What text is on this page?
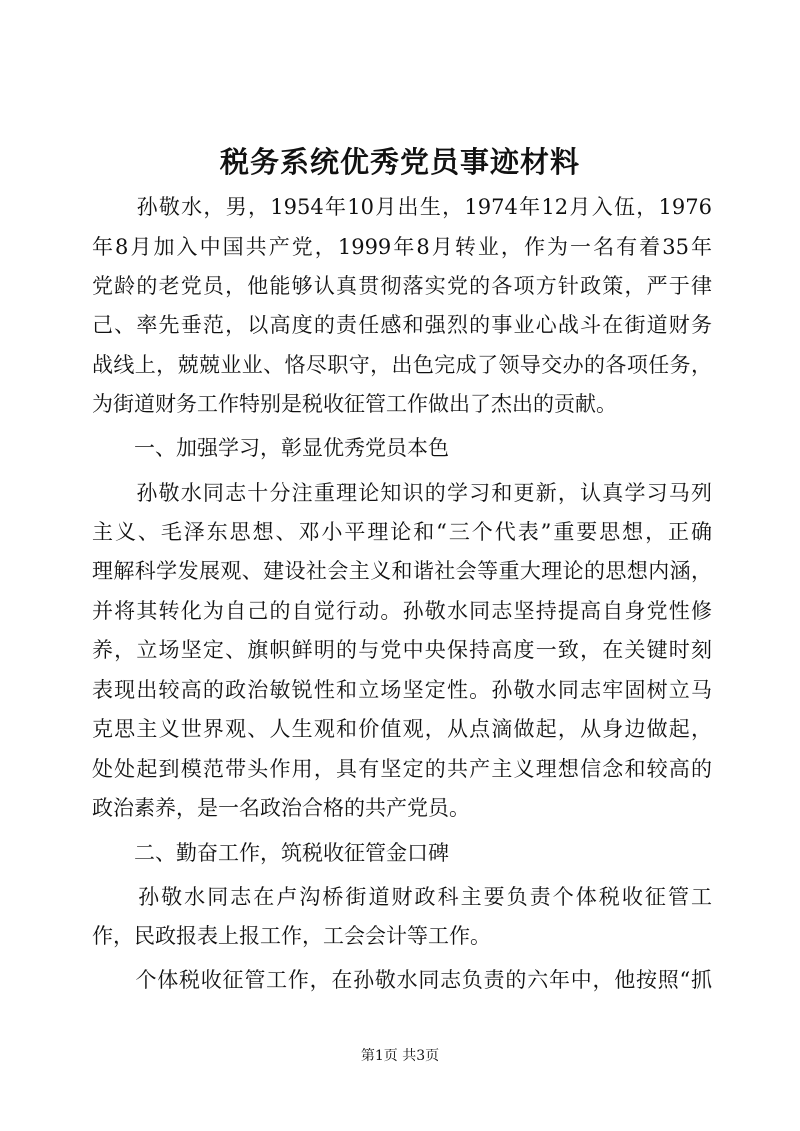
税务系统优秀党员事迹材料
　　孙敬水，男，1954年10月出生，1974年12月入伍，1976
年8月加入中国共产党，1999年8月转业，作为一名有着35年
党龄的老党员，他能够认真贯彻落实党的各项方针政策，严于律
己、率先垂范，以高度的责任感和强烈的事业心战斗在街道财务
战线上，兢兢业业、恪尽职守，出色完成了领导交办的各项任务，
为街道财务工作特别是税收征管工作做出了杰出的贡献。
　　一、加强学习，彰显优秀党员本色
　　孙敬水同志十分注重理论知识的学习和更新，认真学习马列
主义、毛泽东思想、邓小平理论和“三个代表”重要思想，正确
理解科学发展观、建设社会主义和谐社会等重大理论的思想内涵，
并将其转化为自己的自觉行动。孙敬水同志坚持提高自身党性修
养，立场坚定、旗帜鲜明的与党中央保持高度一致，在关键时刻
表现出较高的政治敏锐性和立场坚定性。孙敬水同志牢固树立马
克思主义世界观、人生观和价值观，从点滴做起，从身边做起，
处处起到模范带头作用，具有坚定的共产主义理想信念和较高的
政治素养，是一名政治合格的共产党员。
　　二、勤奋工作，筑税收征管金口碑
　　孙敬水同志在卢沟桥街道财政科主要负责个体税收征管工
作，民政报表上报工作，工会会计等工作。
　　个体税收征管工作，在孙敬水同志负责的六年中，他按照“抓
第1页 共3页
